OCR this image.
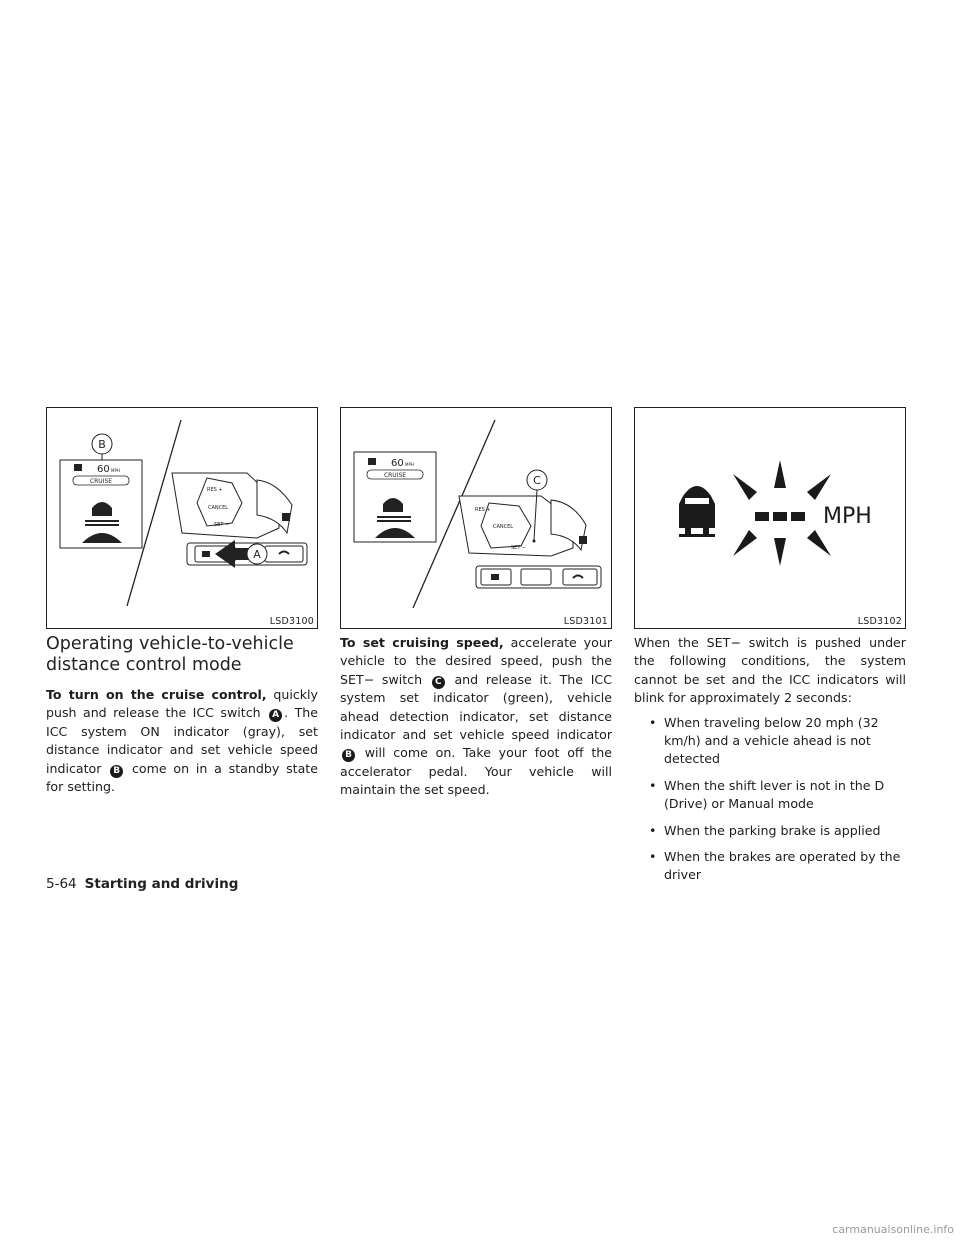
B
60 MPH
CRUISE
RES +
CANCEL
SET −
A
LSD3100
60 MPH
CRUISE
RES +
CANCEL
SET −
C
LSD3101
MPH
LSD3102
Operating vehicle-to-vehicle distance control mode

To turn on the cruise control, quickly push and release the ICC switch A . The ICC system ON indicator (gray), set distance indicator and set vehicle speed indicator B come on in a standby state for setting.

To set cruising speed, accelerate your vehicle to the desired speed, push the SET− switch C and release it. The ICC system set indicator (green), vehicle ahead detection indicator, set distance indicator and set vehicle speed indicator B will come on. Take your foot off the accelerator pedal. Your vehicle will maintain the set speed.

When the SET− switch is pushed under the following conditions, the system cannot be set and the ICC indicators will blink for approximately 2 seconds:

• When traveling below 20 mph (32 km/h) and a vehicle ahead is not detected
• When the shift lever is not in the D (Drive) or Manual mode
• When the parking brake is applied
• When the brakes are operated by the driver
5-64 Starting and driving
carmanualsonline.info
